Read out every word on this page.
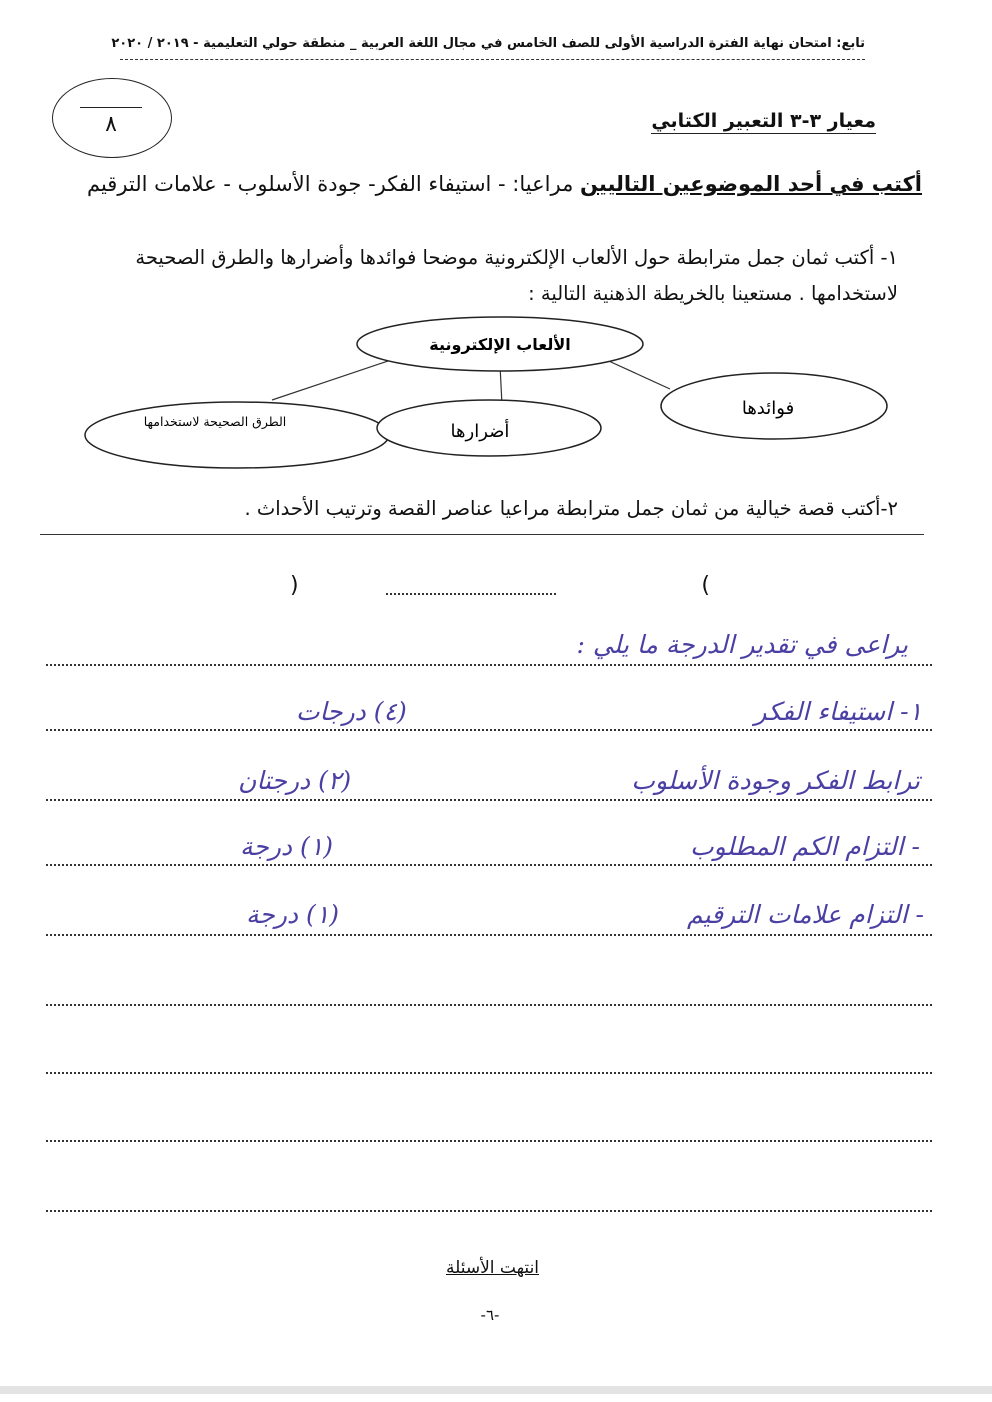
تابع: امتحان نهاية الفترة الدراسية الأولى للصف الخامس في مجال اللغة العربية _ منطقة حولي التعليمية - ٢٠١٩ / ٢٠٢٠
٨	معيار ٣-٣ التعبير الكتابي
أكتب في أحد الموضوعين التاليين مراعيا: - استيفاء الفكر- جودة الأسلوب - علامات الترقيم
١- أكتب ثمان جمل مترابطة حول الألعاب الإلكترونية موضحا فوائدها وأضرارها والطرق الصحيحة لاستخدامها . مستعينا بالخريطة الذهنية التالية :
الألعاب الإلكترونية
الطرق الصحيحة لاستخدامها	أضرارها
فوائدها
٢-أكتب قصة خيالية من ثمان جمل مترابطة مراعيا عناصر القصة وترتيب الأحداث .
)	(
يراعى في تقدير الدرجة ما يلي :
١- استيفاء الفكر
(٤) درجات
ترابط الفكر وجودة الأسلوب
(٢) درجتان
- التزام الكم المطلوب
(١) درجة
- التزام علامات الترقيم
(١) درجة
انتهت الأسئلة
-٦-
